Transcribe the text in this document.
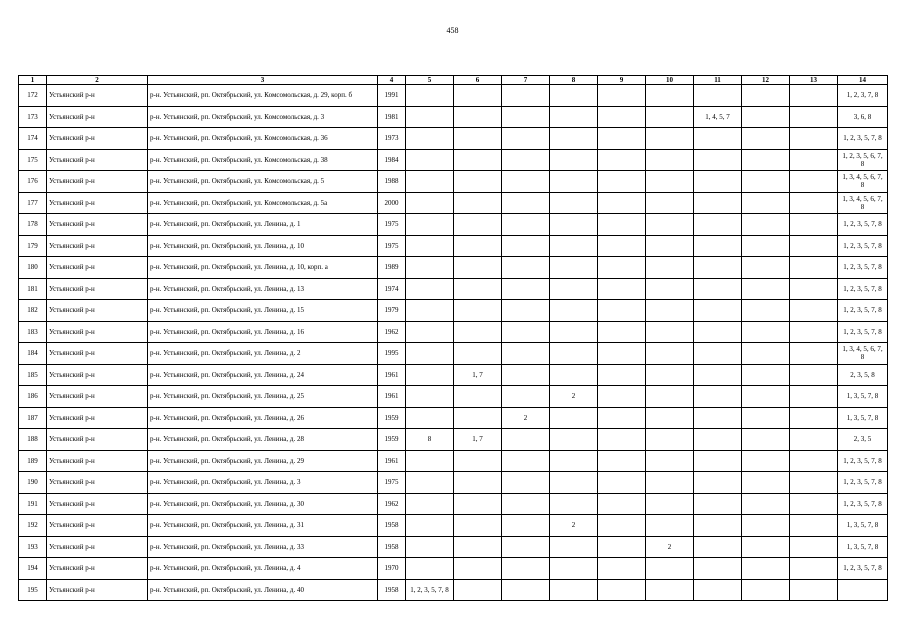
458
1	2	3	4	5	6	7	8	9	10	11	12	13	14
172	Устьянский р-н	р-н. Устьянский, рп. Октябрьский, ул. Комсомольская, д. 29, корп. б	1991										1, 2, 3, 7, 8
173	Устьянский р-н	р-н. Устьянский, рп. Октябрьский, ул. Комсомольская, д. 3	1981							1, 4, 5, 7			3, 6, 8
174	Устьянский р-н	р-н. Устьянский, рп. Октябрьский, ул. Комсомольская, д. 36	1973										1, 2, 3, 5, 7, 8
175	Устьянский р-н	р-н. Устьянский, рп. Октябрьский, ул. Комсомольская, д. 38	1984										1, 2, 3, 5, 6, 7, 8
176	Устьянский р-н	р-н. Устьянский, рп. Октябрьский, ул. Комсомольская, д. 5	1988										1, 3, 4, 5, 6, 7, 8
177	Устьянский р-н	р-н. Устьянский, рп. Октябрьский, ул. Комсомольская, д. 5а	2000										1, 3, 4, 5, 6, 7, 8
178	Устьянский р-н	р-н. Устьянский, рп. Октябрьский, ул. Ленина, д. 1	1975										1, 2, 3, 5, 7, 8
179	Устьянский р-н	р-н. Устьянский, рп. Октябрьский, ул. Ленина, д. 10	1975										1, 2, 3, 5, 7, 8
180	Устьянский р-н	р-н. Устьянский, рп. Октябрьский, ул. Ленина, д. 10, корп. а	1989										1, 2, 3, 5, 7, 8
181	Устьянский р-н	р-н. Устьянский, рп. Октябрьский, ул. Ленина, д. 13	1974										1, 2, 3, 5, 7, 8
182	Устьянский р-н	р-н. Устьянский, рп. Октябрьский, ул. Ленина, д. 15	1979										1, 2, 3, 5, 7, 8
183	Устьянский р-н	р-н. Устьянский, рп. Октябрьский, ул. Ленина, д. 16	1962										1, 2, 3, 5, 7, 8
184	Устьянский р-н	р-н. Устьянский, рп. Октябрьский, ул. Ленина, д. 2	1995										1, 3, 4, 5, 6, 7, 8
185	Устьянский р-н	р-н. Устьянский, рп. Октябрьский, ул. Ленина, д. 24	1961		1, 7								2, 3, 5, 8
186	Устьянский р-н	р-н. Устьянский, рп. Октябрьский, ул. Ленина, д. 25	1961				2						1, 3, 5, 7, 8
187	Устьянский р-н	р-н. Устьянский, рп. Октябрьский, ул. Ленина, д. 26	1959			2							1, 3, 5, 7, 8
188	Устьянский р-н	р-н. Устьянский, рп. Октябрьский, ул. Ленина, д. 28	1959	8	1, 7								2, 3, 5
189	Устьянский р-н	р-н. Устьянский, рп. Октябрьский, ул. Ленина, д. 29	1961										1, 2, 3, 5, 7, 8
190	Устьянский р-н	р-н. Устьянский, рп. Октябрьский, ул. Ленина, д. 3	1975										1, 2, 3, 5, 7, 8
191	Устьянский р-н	р-н. Устьянский, рп. Октябрьский, ул. Ленина, д. 30	1962										1, 2, 3, 5, 7, 8
192	Устьянский р-н	р-н. Устьянский, рп. Октябрьский, ул. Ленина, д. 31	1958				2						1, 3, 5, 7, 8
193	Устьянский р-н	р-н. Устьянский, рп. Октябрьский, ул. Ленина, д. 33	1958						2				1, 3, 5, 7, 8
194	Устьянский р-н	р-н. Устьянский, рп. Октябрьский, ул. Ленина, д. 4	1970										1, 2, 3, 5, 7, 8
195	Устьянский р-н	р-н. Устьянский, рп. Октябрьский, ул. Ленина, д. 40	1958	1, 2, 3, 5, 7, 8									
